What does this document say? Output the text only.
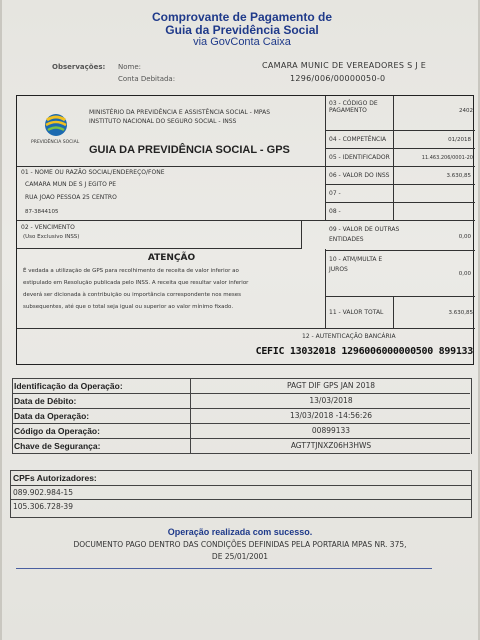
Comprovante de Pagamento de
Guia da Previdência Social
via GovConta Caixa
Observações: Nome:	CAMARA MUNIC DE VEREADORES S J E
Conta Debitada:	1296/006/00000050-0
PREVIDÊNCIA SOCIAL
MINISTÉRIO DA PREVIDÊNCIA E ASSISTÊNCIA SOCIAL - MPAS
INSTITUTO NACIONAL DO SEGURO SOCIAL - INSS
GUIA DA PREVIDÊNCIA SOCIAL - GPS
01 - NOME OU RAZÃO SOCIAL/ENDEREÇO/FONE
CAMARA MUN DE S J EGITO PE
RUA JOAO PESSOA 25 CENTRO
87-3844105
02 - VENCIMENTO
(Uso Exclusivo INSS)
ATENÇÃO
É vedada a utilização de GPS para recolhimento de receita de valor inferior ao
estipulado em Resolução publicada pelo INSS. A receita que resultar valor inferior
deverá ser dicionada à contribuição ou importância correspondente nos meses
subsequentes, até que o total seja igual ou superior ao valor mínimo fixado.
03 - CÓDIGO DE PAGAMENTO	2402
04 - COMPETÊNCIA	01/2018
05 - IDENTIFICADOR	11.463.206/0001-20
06 - VALOR DO INSS	3.630,85
07 -
08 -
09 - VALOR DE OUTRAS ENTIDADES	0,00
10 - ATM/MULTA E JUROS
0,00
11 - VALOR TOTAL	3.630,85
12 - AUTENTICAÇÃO BANCÁRIA
CEFIC 13032018 1296006000000500 899133
Identificação da Operação:	PAGT DIF GPS JAN 2018
Data de Débito:	13/03/2018
Data da Operação:	13/03/2018 -14:56:26
Código da Operação:	00899133
Chave de Segurança:	AGT7TJNXZ06H3HWS
CPFs Autorizadores:
089.902.984-15
105.306.728-39
Operação realizada com sucesso.
DOCUMENTO PAGO DENTRO DAS CONDIÇÕES DEFINIDAS PELA PORTARIA MPAS NR. 375,
DE 25/01/2001
